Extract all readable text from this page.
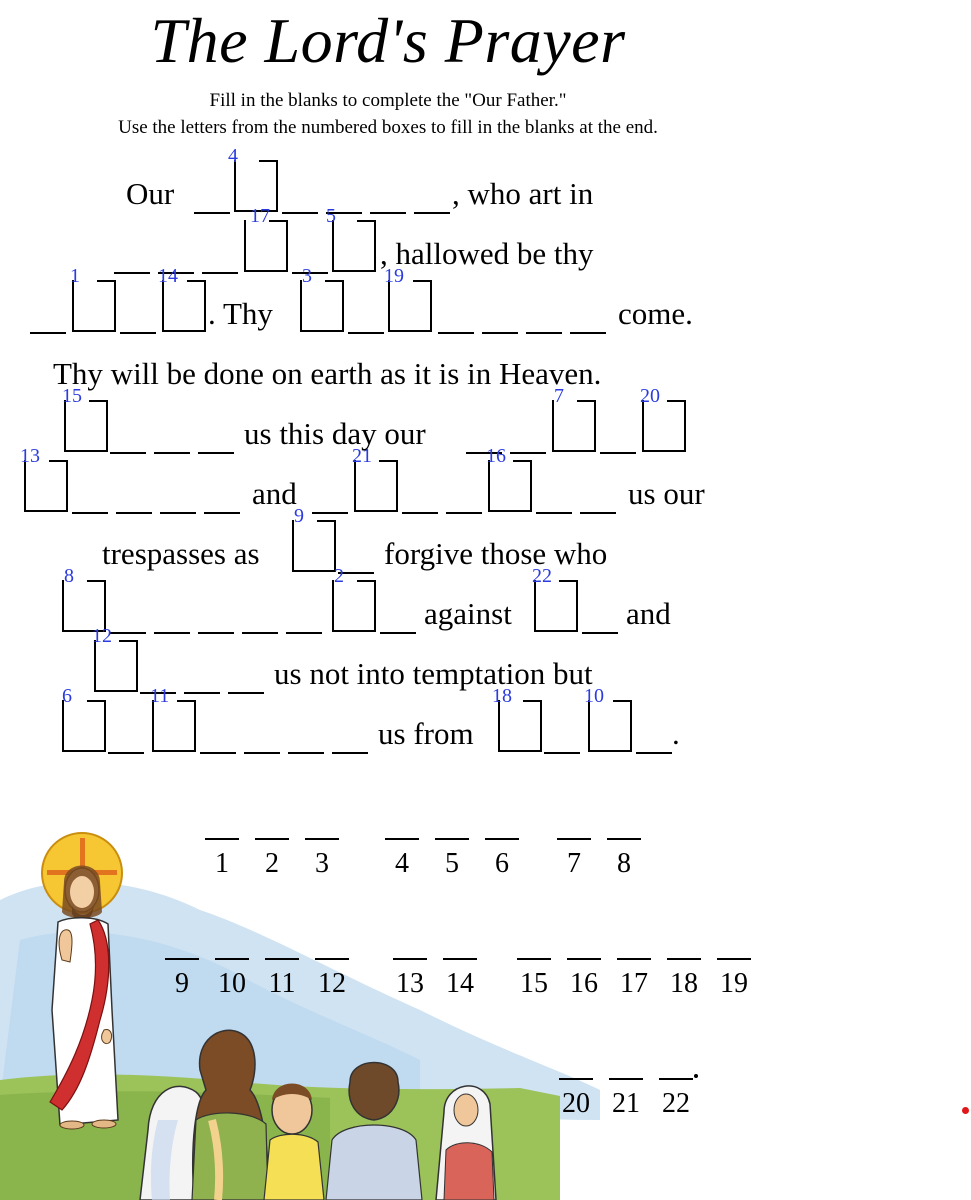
The Lord's Prayer

Fill in the blanks to complete the "Our Father."

Use the letters from the numbered boxes to fill in the blanks at the end.

Our
4
, who art in
17	5
, hallowed be thy
1	14
. Thy
3	19
come.
Thy will be done on earth as it is in Heaven.
15
us this day our
7	20
13
and
21	16
us our
trespasses as
9
forgive those who
8	2
against
22
and
12
us not into temptation but
6	11
us from
18	10
.
1	2	3	4	5	6	7	8
9	10 11 12 13 14 15 16 17 18 19
20 21 22
